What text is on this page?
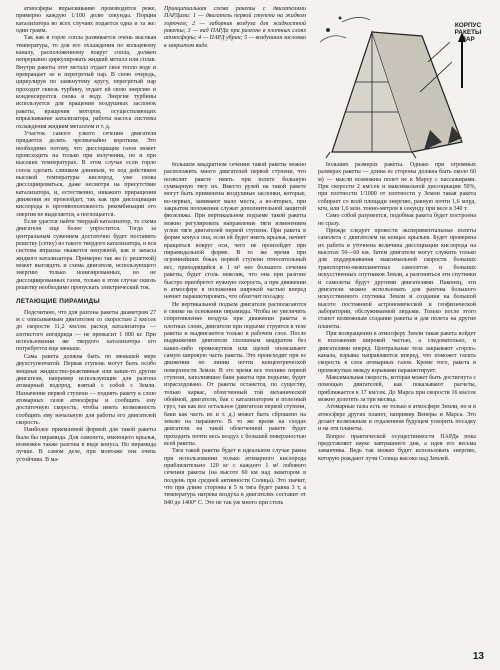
атмосферы впрыскивание производится реже, примерно каждую 1/100 долю секунды. Порция катализатора во всех случаях подается одна и та же: один грамм.

Так как в горле сопла развивается очень высокая температура, то для его охлаждения по кольцевому каналу, расположенному вокруг сопла, должен непрерывно циркулировать жидкий металл или сплав. Внутри ракеты этот металл отдает свое тепло воде и превращает ее в перегретый пар. В свою очередь, циркулируя по замкнутому кругу, перегретый пар проходит сквозь турбину, отдает ей свою энергию и конденсируется снова в воду. Энергия турбины используется для вращения воздушных заслонок ракеты, вращения моторов, осуществляющих впрыскивание катализатора, работы насоса системы охлаждения жидким металлом и т. д.

Участок самого узкого сечения двигателя придается делать чрезвычайно коротким. Это необходимо потому, что диссоциация газов может происходить на только при излучении, но и при высоких температурах. В этом случае если горло сопла сделать слишком длинным, то под действием высокой температуры кислород, уже снова диссоциироваться, даже несмотря на присутствие катализатора, и, естественно, никакого приращения движения не произойдет, так как при диссоциации кислорода в противоположность рекомбинации его энергия не выделяется, а поглощается.

Если удастся найти твердый катализатор, то схема двигателя еще более упростится. Тогда за центральным сужением достаточно будет поставить решетку (сетку) из такого твердого катализатора, и вся система впрыска окажется ненужной, как и запасы жидкого катализатора. Примерно так же (с решеткой) может выглядеть и схема двигателя, использующего энергию только ионизированных, но не диссоциированных газов, только в этом случае сквозь решетку необходимо пропускать электрический ток.

ЛЕТАЮЩИЕ ПИРАМИДЫ

Подсчитано, что для разгона ракеты диаметром 27 м с описываемым двигателем со скоростью 2 км/сек до скорости 11,2 км/сек расход катализатора — азотистого ангидрида — не превысит 1 000 кг. При использовании же твердого катализатора его потребуется еще меньше.

Сама ракета должна быть по меньшей мере двухступенчатой. Первая ступень могут быть особо мощные жидкостно-реактивные или какие-то другие двигатели, например использующие для разгона атомарный водород, взятый с собой с Земли. Назначение первой ступени — поднять ракету к слою атомарных газов атмосферы и сообщить ему достаточную скорость, чтобы иметь возможность сообщить ему начальную для работы его двигателей скорость.

Наиболее приемлемой формой для такой ракеты была бы пирамида. Для самолета, имеющего крылья, возможен также разгона в виде конуса. Но пирамида лучше. В самом деле, при монтаже она очень устойчива. В ма-

Принципиальная схема ракеты с двигателями ПАРДами: 1 — двигатель первой ступени на жидком горючем; 2 — заборник воздуха для жидкостной ракеты; 3 — вид ПАРДа при разгоне в плотных слоях атмосферы; 4 — ПАРД убран; 5 — воздушная заслонка в закрытом виде.

КОРПУС
РАКЕТЫ
ПАР

большем квадратном сечении такой ракеты можно расположить много двигателей первой ступени, что позволит ракете иметь при взлете большую суммарную тягу их. Вместо рулей на такой ракете могут быть применены воздушные заслонки, которые, во-первых, занимают мало места, а во-вторых, при закрытом положении служат дополнительной защитой фюзеляжа. При вертикальном подъеме такой ракеты можно регулировать направление тяги изменением углов тяги двигателей первой ступени. При ракета в форме конуса она, если ей будет иметь крылья, начнет вращаться вокруг оси, чего не произойдет при пирамидальной форме. В то же время при огромнейших боках первой ступени относительный вес, приходящийся в 1 м² нее большего сечения ракеты, будет столь невелик, что она при разгоне быстро приобретет нужную скорость, а при движении в атмосфере в положении широкой частью вперед начнет парашютировать, что облегчит посадку.

Не вертикальной подъем двигатели располагаются в связке на основании пирамиды. Чтобы не увеличить сопротивление воздуха при движении ракеты в плотных слоях, двигатели при подъеме струятся в теле ракеты и выдвигаются только в рабочем слое. После выдвижения двигатели сплошным квадратом без каких-либо промежутков или щелей опоясывают самую широкую часть ракеты. Это происходит при ее движении по линии почти концентрической поверхности Земли. В это время все топливо первой ступени, заполнявшее баки ракеты при подъеме, будет израсходовано. От ракеты останется, по существу, только каркас, облегченный той механической обоймой, двигатели, бак с катализатором и полезный груз, так как все остальное (двигатели первой ступени, баки как часть их и т. д.) может быть сброшено на землю на парашюте. В то же время на сходах двигатели на такой облегченной ракете будет проходить почти весь воздух с большей поверхностью всей ракеты.

Тяга такой ракеты будет в идеальном случае равна при использовании только атомарного кислорода приблизительно 120 кг с каждого 1 м² лобового сечения ракеты (на высоте 60 км над экватором в полдень при средней активности Солнца). Это значит, что при длине стороны в 5 м тяга будет равна 3 т, а температура нагрева воздуха в двигателях составит от 840 до 1400° С. Это не так уж много при столь

больших размерах ракеты. Однако при огромных размерах ракеты — длина ее стороны должна быть около 60 м) — мысли возможны полет не к Марсу с пассажирами. При скорости 2 км/сек и максимальной диссоциации 50%, при плотности 1/1000 от плотности у Земли такая ракета собирает со всей площади энергию, равную почти 1,6 млрд. кгм, или 1,6 млн. тонно-метров в секунду при весе в 340 т.

Само собой разумеется, подобная ракета будет построена не сразу.

Прежде следует провести экспериментальные полеты самолета с двигателем на концах крыльев. Будет проверена их работа и уточнена величина диссоциации кислорода на высотах 50—60 км. Затем двигатели могут служить только для поддерживания максимальной скорости больших транспортно-межпланетных самолетов и больших искусственных спутников Земли, а разгоняться эти спутники и самолеты будут другими двигателями. Наконец, эти двигатели можно использовать для разгона большого искусственного спутника Земли и создания на большой высоте постоянной астрономической и геофизической лаборатории, обслуживаемой людьми. Только после этого станет возможным создание ракеты и для полета на другие планеты.

При возвращении в атмосферу Земли такая ракета войдет в положении широкой частью, а следовательно, и двигателями вперед. Центральные тела закрывают «горло» канала, взрывы направляются вперед, что поможет гасить скорость в слое атомарных газов. Кроме того, ракета в промежутках между взрывами парашютирует.

Максимальная скорость, которая может быть достигнута с помощью двигателей, как показывают расчеты, приближается к 17 км/сек. До Марса при скорости 16 км/сек можно долететь за три месяца.

Атомарные газы есть не только в атмосфере Земли, но и в атмосфере других планет, например Венеры и Марса. Это делает возможным и отдаленном будущем ускорить посадку и на эти планеты.

Вопрос практической осуществимости ПАРДа пока представляет науке завтрашнего дня, а идея его весьма заманчива. Ведь так можно будет использовать энергию, которую рождают лучи Солнца высоко над Землей.

13
